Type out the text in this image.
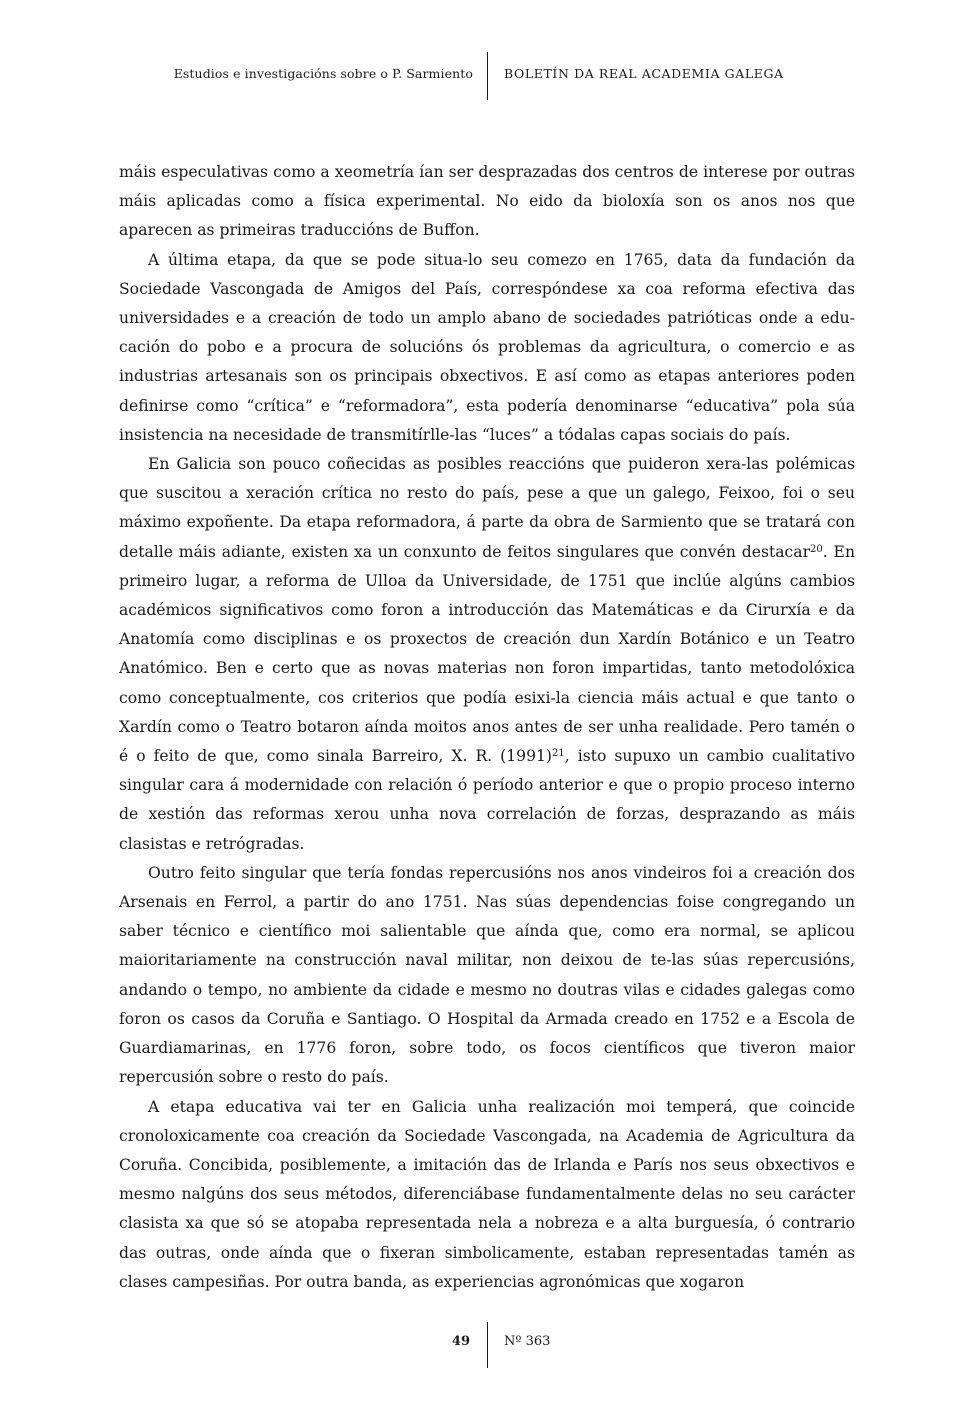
Estudios e investigacións sobre o P. Sarmiento BOLETÍN DA REAL ACADEMIA GALEGA

máis especulativas como a xeometría ían ser desprazadas dos centros de interese por outras máis aplicadas como a física experimental. No eido da bioloxía son os anos nos que aparecen as primeiras traduccións de Buffon.

A última etapa, da que se pode situa-lo seu comezo en 1765, data da fundación da Sociedade Vascongada de Amigos del País, correspóndese xa coa reforma efectiva das universidades e a creación de todo un amplo abano de sociedades patrióticas onde a educación do pobo e a procura de solucións ós problemas da agricultura, o comercio e as industrias artesanais son os principais obxectivos. E así como as etapas anteriores poden definirse como “crítica” e “reformadora”, esta podería denominarse “educativa” pola súa insistencia na necesidade de transmitírlle-las “luces” a tódalas capas sociais do país.

En Galicia son pouco coñecidas as posibles reaccións que puideron xera-las polémicas que suscitou a xeración crítica no resto do país, pese a que un galego, Feixoo, foi o seu máximo expoñente. Da etapa reformadora, á parte da obra de Sarmiento que se tratará con detalle máis adiante, existen xa un conxunto de feitos singulares que convén destacar$^{20}$. En primeiro lugar, a reforma de Ulloa da Universidade, de 1751 que inclúe algúns cambios académicos significativos como foron a introducción das Matemáticas e da Cirurxía e da Anatomía como disciplinas e os proxectos de creación dun Xardín Botánico e un Teatro Anatómico. Ben e certo que as novas materias non foron impartidas, tanto metodolóxica como conceptualmente, cos criterios que podía esixi-la ciencia máis actual e que tanto o Xardín como o Teatro botaron aínda moitos anos antes de ser unha realidade. Pero tamén o é o feito de que, como sinala Barreiro, X. R. $(1991)^{21}$, isto supuxo un cambio cualitativo singular cara á modernidade con relación ó período anterior e que o propio proceso interno de xestión das reformas xerou unha nova correlación de forzas, desprazando as máis clasistas e retrógradas.

Outro feito singular que tería fondas repercusións nos anos vindeiros foi a creación dos Arsenais en Ferrol, a partir do ano 1751. Nas súas dependencias foise congregando un saber técnico e científico moi salientable que aínda que, como era normal, se aplicou maioritariamente na construcción naval militar, non deixou de te-las súas repercusións, andando o tempo, no ambiente da cidade e mesmo no doutras vilas e cidades galegas como foron os casos da Coruña e Santiago. O Hospital da Armada creado en 1752 e a Escola de Guardiamarinas, en 1776 foron, sobre todo, os focos científicos que tiveron maior repercusión sobre o resto do país.

A etapa educativa vai ter en Galicia unha realización moi temperá, que coincide cronoloxicamente coa creación da Sociedade Vascongada, na Academia de Agricultura da Coruña. Concibida, posiblemente, a imitación das de Irlanda e París nos seus obxectivos e mesmo nalgúns dos seus métodos, diferenciábase fundamentalmente delas no seu carácter clasista xa que só se atopaba representada nela a nobreza e a alta burguesía, ó contrario das outras, onde aínda que o fixeran simbolicamente, estaban representadas tamén as clases campesiñas. Por outra banda, as experiencias agronómicas que xogaron

49	Nº 363
